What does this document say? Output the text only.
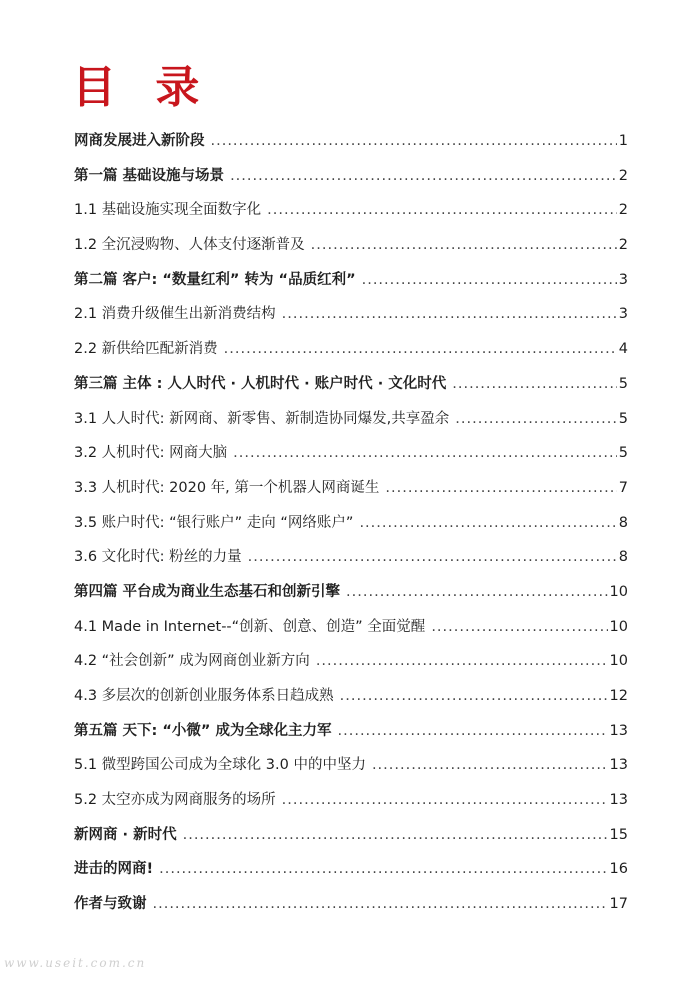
目 录
网商发展进入新阶段 .....	1
第一篇 基础设施与场景 .....	2
1.1 基础设施实现全面数字化 .....	2
1.2 全沉浸购物、人体支付逐渐普及 .....	2
第二篇 客户: “数量红利” 转为 “品质红利” .....	3
2.1 消费升级催生出新消费结构 .....	3
2.2 新供给匹配新消费 .....	4
第三篇 主体 : 人人时代 · 人机时代 · 账户时代 · 文化时代 .....	5
3.1 人人时代: 新网商、新零售、新制造协同爆发,共享盈余 .....	5
3.2 人机时代: 网商大脑 .....	5
3.3 人机时代: 2020 年, 第一个机器人网商诞生 .....	7
3.5 账户时代: “银行账户” 走向 “网络账户” .....	8
3.6 文化时代: 粉丝的力量 .....	8
第四篇 平台成为商业生态基石和创新引擎 .....	10
4.1 Made in Internet--“创新、创意、创造” 全面觉醒 .....	10
4.2 “社会创新” 成为网商创业新方向 .....	10
4.3 多层次的创新创业服务体系日趋成熟 .....	12
第五篇 天下: “小微” 成为全球化主力军 .....	13
5.1 微型跨国公司成为全球化 3.0 中的中坚力 .....	13
5.2 太空亦成为网商服务的场所 .....	13
新网商 · 新时代 .....	15
进击的网商! .....	16
作者与致谢 .....	17
www.useit.com.cn
